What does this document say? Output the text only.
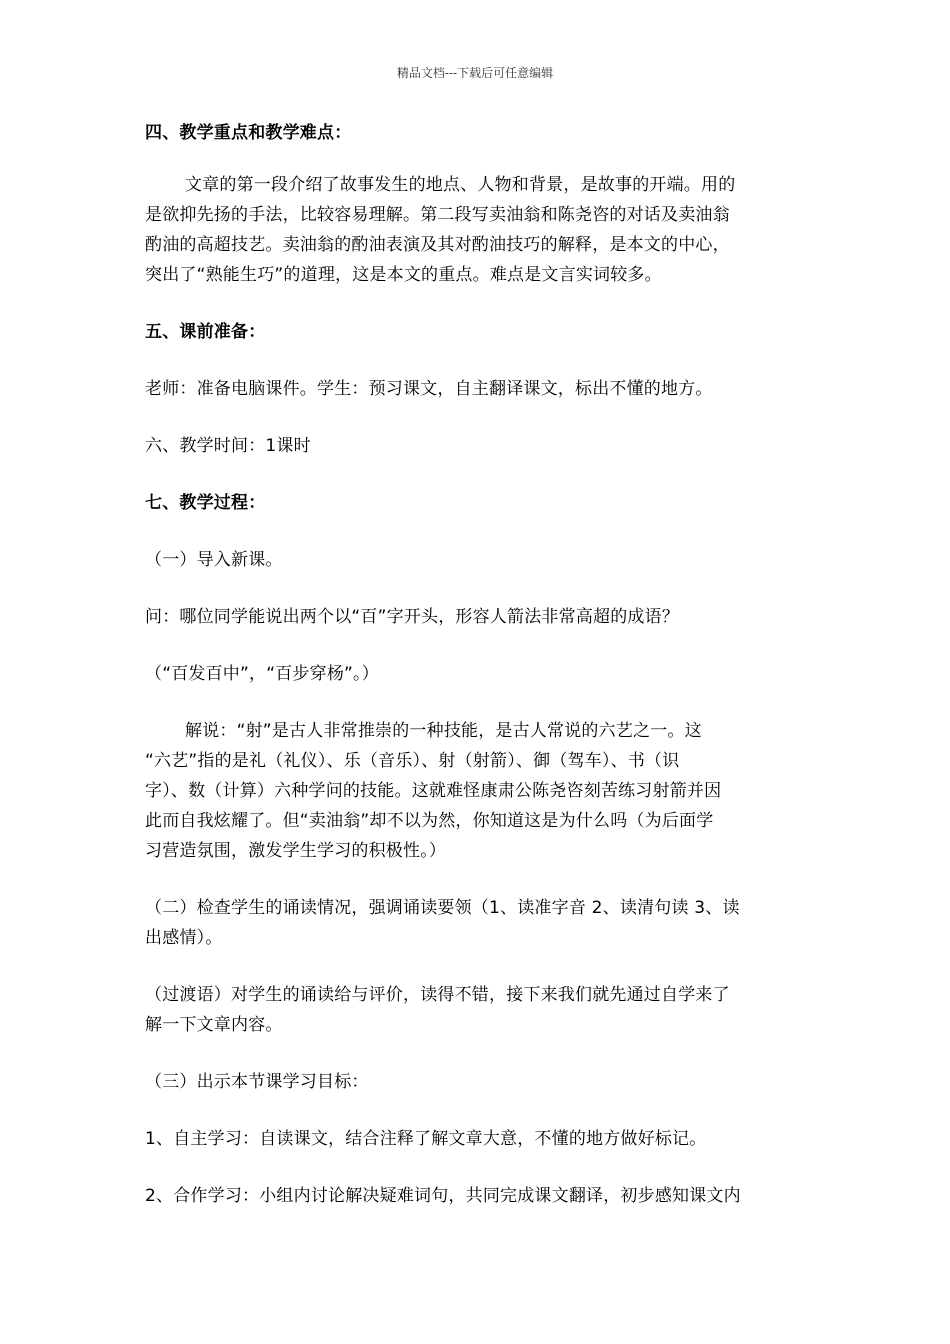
精品文档---下载后可任意编辑
四、教学重点和教学难点：
文章的第一段介绍了故事发生的地点、人物和背景，是故事的开端。用的
是欲抑先扬的手法，比较容易理解。第二段写卖油翁和陈尧咨的对话及卖油翁
酌油的高超技艺。卖油翁的酌油表演及其对酌油技巧的解释，是本文的中心，
突出了“熟能生巧”的道理，这是本文的重点。难点是文言实词较多。
五、课前准备：
老师：准备电脑课件。学生：预习课文，自主翻译课文，标出不懂的地方。
六、教学时间：1课时
七、教学过程：
（一）导入新课。
问：哪位同学能说出两个以“百”字开头，形容人箭法非常高超的成语？
（“百发百中”，“百步穿杨”。）
解说：“射”是古人非常推崇的一种技能，是古人常说的六艺之一。这
“六艺”指的是礼（礼仪）、乐（音乐）、射（射箭）、御（驾车）、书（识
字）、数（计算）六种学问的技能。这就难怪康肃公陈尧咨刻苦练习射箭并因
此而自我炫耀了。但“卖油翁”却不以为然，你知道这是为什么吗（为后面学
习营造氛围，激发学生学习的积极性。）
（二）检查学生的诵读情况，强调诵读要领（1、读准字音 2、读清句读 3、读
出感情）。
（过渡语）对学生的诵读给与评价，读得不错，接下来我们就先通过自学来了
解一下文章内容。
（三）出示本节课学习目标：
1、自主学习：自读课文，结合注释了解文章大意，不懂的地方做好标记。
2、合作学习：小组内讨论解决疑难词句，共同完成课文翻译，初步感知课文内
